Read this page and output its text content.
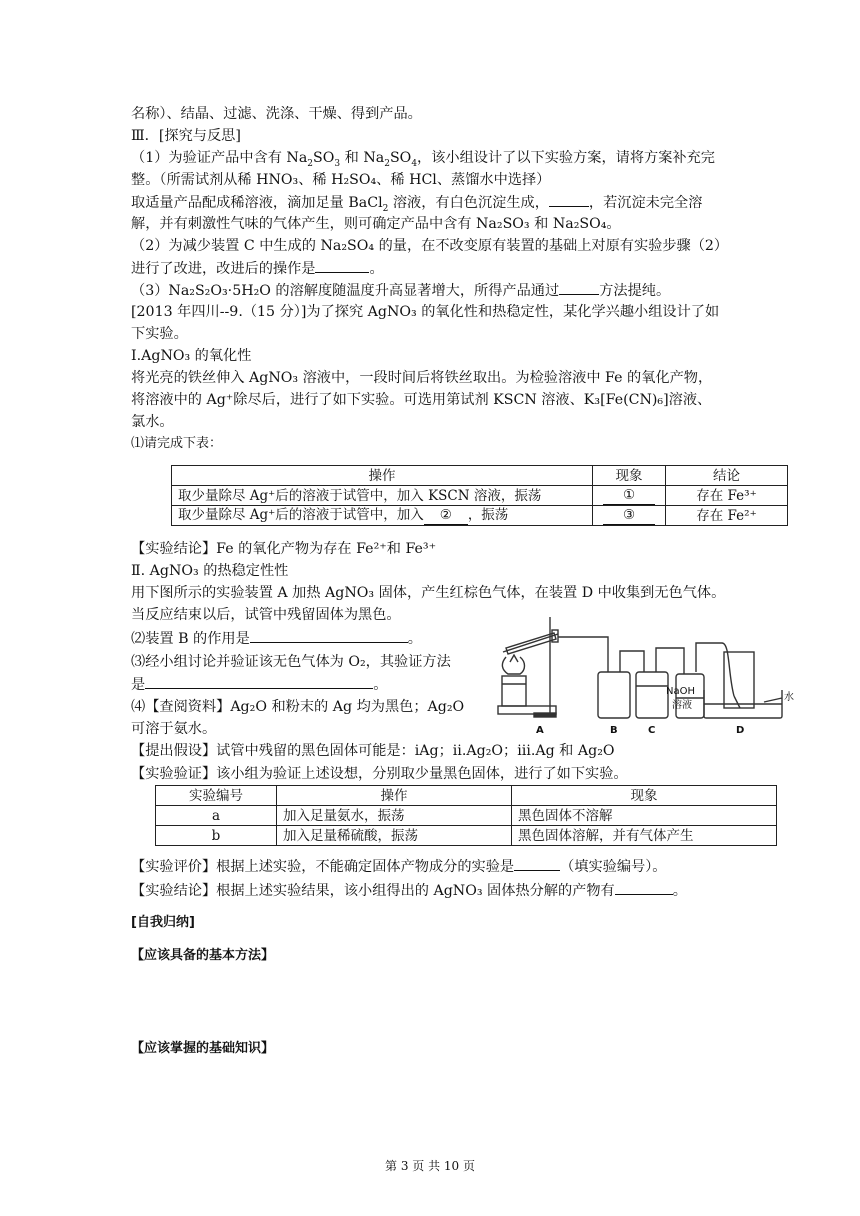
名称）、结晶、过滤、洗涤、干燥、得到产品。
Ⅲ．[探究与反思]
（1）为验证产品中含有 $Na_2SO_3$ 和 $Na_2SO_4$，该小组设计了以下实验方案，请将方案补充完
整。（所需试剂从稀 HNO₃、稀 H₂SO₄、稀 HCl、蒸馏水中选择）
取适量产品配成稀溶液，滴加足量 BaCl$_2$ 溶液，有白色沉淀生成，	，若沉淀未完全溶
解，并有刺激性气味的气体产生，则可确定产品中含有 Na₂SO₃ 和 Na₂SO₄。
（2）为减少装置 C 中生成的 Na₂SO₄ 的量，在不改变原有装置的基础上对原有实验步骤（2）
进行了改进，改进后的操作是	。
（3）Na₂S₂O₃·5H₂O 的溶解度随温度升高显著增大，所得产品通过	方法提纯。
[2013 年四川--9.（15 分）]为了探究 AgNO₃ 的氧化性和热稳定性，某化学兴趣小组设计了如
下实验。
Ⅰ.AgNO₃ 的氧化性
将光亮的铁丝伸入 AgNO₃ 溶液中，一段时间后将铁丝取出。为检验溶液中 Fe 的氧化产物，
将溶液中的 Ag⁺除尽后，进行了如下实验。可选用第试剂 KSCN 溶液、K₃[Fe(CN)₆]溶液、
氯水。
⑴请完成下表：
操作	现象	结论
取少量除尽 Ag⁺后的溶液于试管中，加入 KSCN 溶液，振荡	①	存在 Fe³⁺
取少量除尽 Ag⁺后的溶液于试管中，加入 ② ，振荡	③	存在 Fe²⁺
【实验结论】Fe 的氧化产物为存在 Fe²⁺和 Fe³⁺
Ⅱ. AgNO₃ 的热稳定性性
用下图所示的实验装置 A 加热 AgNO₃ 固体，产生红棕色气体，在装置 D 中收集到无色气体。
当反应结束以后，试管中残留固体为黑色。
⑵装置 B 的作用是	。
⑶经小组讨论并验证该无色气体为 O₂，其验证方法
是	。
⑷【查阅资料】Ag₂O 和粉末的 Ag 均为黑色；Ag₂O
可溶于氨水。
NaOH
溶液
水
A	B	C	D
【提出假设】试管中残留的黑色固体可能是：ⅰAg；ⅱ.Ag₂O；ⅲ.Ag 和 Ag₂O
【实验验证】该小组为验证上述设想，分别取少量黑色固体，进行了如下实验。
实验编号	操作	现象
a	加入足量氨水，振荡	黑色固体不溶解
b	加入足量稀硫酸，振荡	黑色固体溶解，并有气体产生
【实验评价】根据上述实验，不能确定固体产物成分的实验是	（填实验编号）。
【实验结论】根据上述实验结果，该小组得出的 AgNO₃ 固体热分解的产物有	。
[自我归纳]
【应该具备的基本方法】
【应该掌握的基础知识】
第 3 页 共 10 页
